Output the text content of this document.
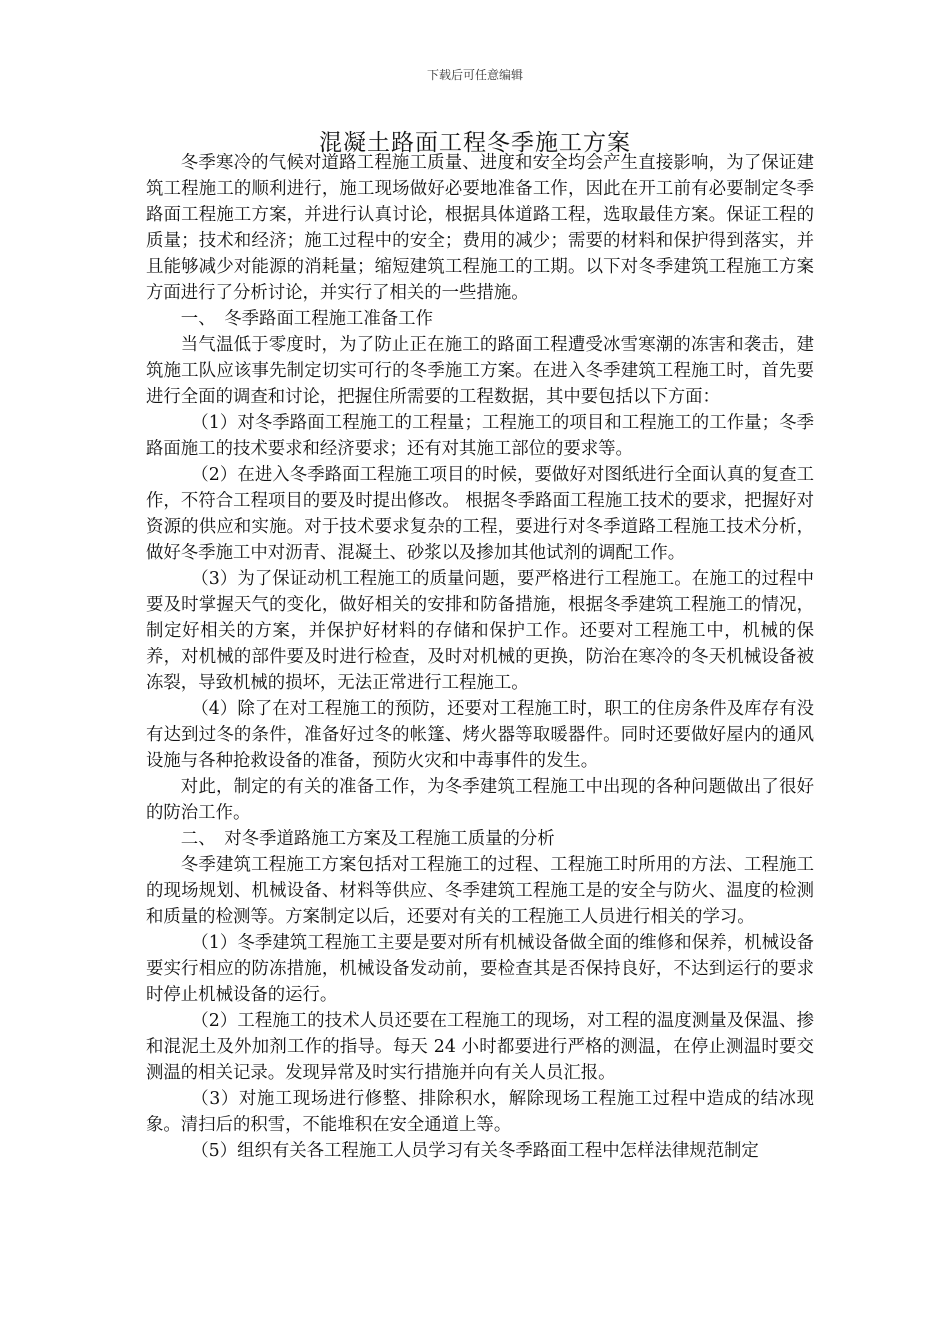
下载后可任意编辑
混凝土路面工程冬季施工方案

冬季寒冷的气候对道路工程施工质量、进度和安全均会产生直接影响，为了保证建筑工程施工的顺利进行，施工现场做好必要地准备工作，因此在开工前有必要制定冬季路面工程施工方案，并进行认真讨论，根据具体道路工程，选取最佳方案。保证工程的质量；技术和经济；施工过程中的安全；费用的减少；需要的材料和保护得到落实，并且能够减少对能源的消耗量；缩短建筑工程施工的工期。以下对冬季建筑工程施工方案方面进行了分析讨论，并实行了相关的一些措施。

一、　冬季路面工程施工准备工作

当气温低于零度时，为了防止正在施工的路面工程遭受冰雪寒潮的冻害和袭击，建筑施工队应该事先制定切实可行的冬季施工方案。在进入冬季建筑工程施工时，首先要进行全面的调查和讨论，把握住所需要的工程数据，其中要包括以下方面：

（1）对冬季路面工程施工的工程量；工程施工的项目和工程施工的工作量；冬季路面施工的技术要求和经济要求；还有对其施工部位的要求等。

（2）在进入冬季路面工程施工项目的时候，要做好对图纸进行全面认真的复查工作，不符合工程项目的要及时提出修改。 根据冬季路面工程施工技术的要求，把握好对资源的供应和实施。对于技术要求复杂的工程，要进行对冬季道路工程施工技术分析，做好冬季施工中对沥青、混凝土、砂浆以及掺加其他试剂的调配工作。

（3）为了保证动机工程施工的质量问题，要严格进行工程施工。在施工的过程中要及时掌握天气的变化，做好相关的安排和防备措施，根据冬季建筑工程施工的情况，制定好相关的方案，并保护好材料的存储和保护工作。还要对工程施工中，机械的保养，对机械的部件要及时进行检查，及时对机械的更换，防治在寒冷的冬天机械设备被冻裂，导致机械的损坏，无法正常进行工程施工。

（4）除了在对工程施工的预防，还要对工程施工时，职工的住房条件及库存有没有达到过冬的条件，准备好过冬的帐篷、烤火器等取暖器件。同时还要做好屋内的通风设施与各种抢救设备的准备，预防火灾和中毒事件的发生。

对此，制定的有关的准备工作，为冬季建筑工程施工中出现的各种问题做出了很好的防治工作。

二、　对冬季道路施工方案及工程施工质量的分析

冬季建筑工程施工方案包括对工程施工的过程、工程施工时所用的方法、工程施工的现场规划、机械设备、材料等供应、冬季建筑工程施工是的安全与防火、温度的检测和质量的检测等。方案制定以后，还要对有关的工程施工人员进行相关的学习。

（1）冬季建筑工程施工主要是要对所有机械设备做全面的维修和保养，机械设备要实行相应的防冻措施，机械设备发动前，要检查其是否保持良好，不达到运行的要求时停止机械设备的运行。

（2）工程施工的技术人员还要在工程施工的现场，对工程的温度测量及保温、掺和混泥土及外加剂工作的指导。每天 24 小时都要进行严格的测温，在停止测温时要交测温的相关记录。发现异常及时实行措施并向有关人员汇报。

（3）对施工现场进行修整、排除积水，解除现场工程施工过程中造成的结冰现象。清扫后的积雪，不能堆积在安全通道上等。

（5）组织有关各工程施工人员学习有关冬季路面工程中怎样法律规范制定
